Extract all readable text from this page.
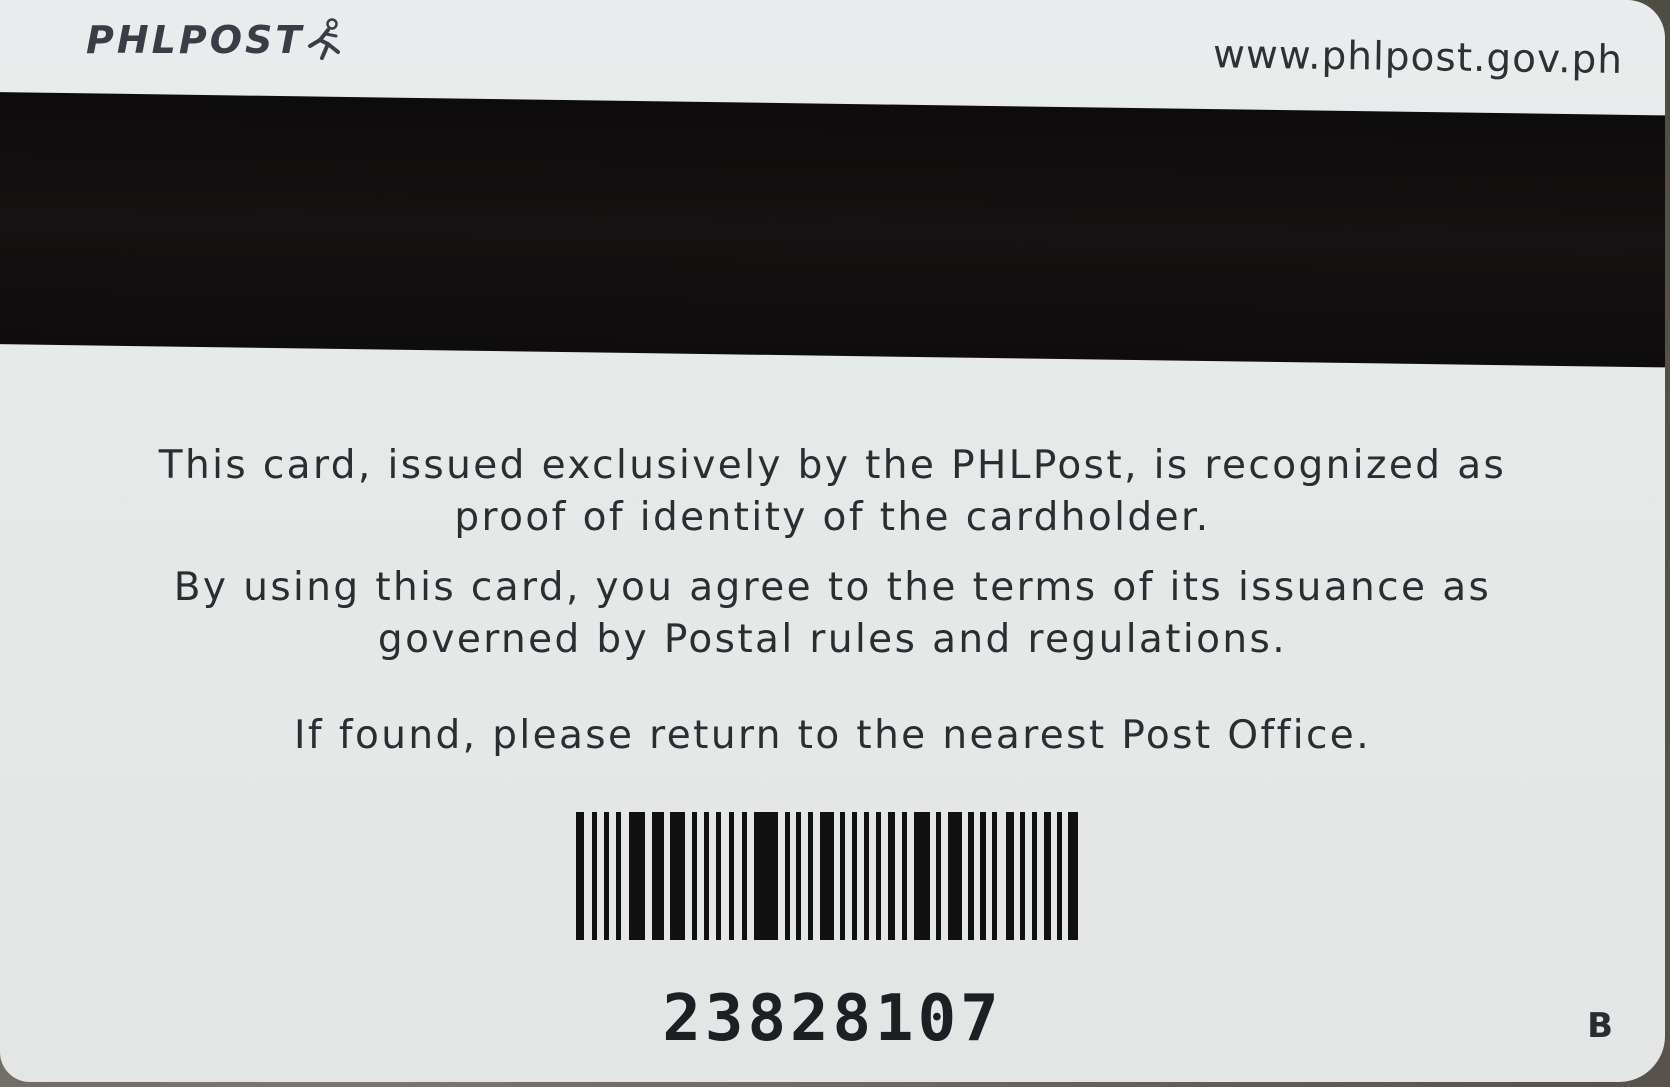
PHLPOST	www.phlpost.gov.ph
This card, issued exclusively by the PHLPost, is recognized as
proof of identity of the cardholder.
By using this card, you agree to the terms of its issuance as
governed by Postal rules and regulations.
If found, please return to the nearest Post Office.
23828107	B
